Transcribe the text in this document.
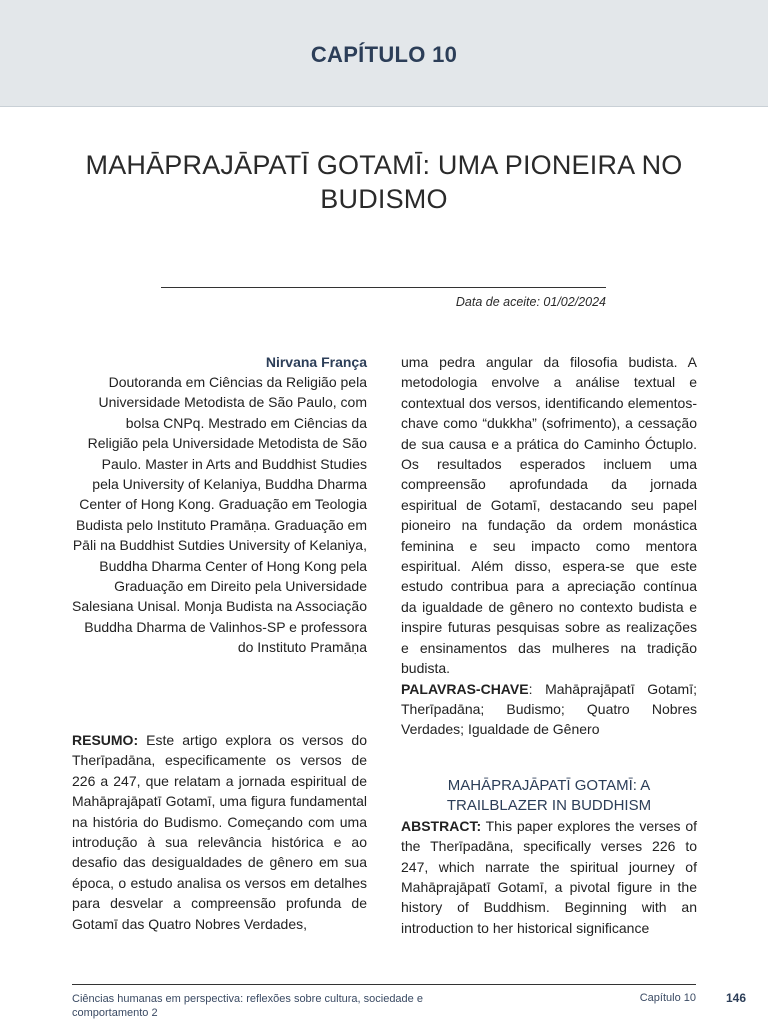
CAPÍTULO 10
MAHĀPRAJĀPATĪ GOTAMĪ: UMA PIONEIRA NO BUDISMO
Data de aceite: 01/02/2024
Nirvana França
Doutoranda em Ciências da Religião pela Universidade Metodista de São Paulo, com bolsa CNPq. Mestrado em Ciências da Religião pela Universidade Metodista de São Paulo. Master in Arts and Buddhist Studies pela University of Kelaniya, Buddha Dharma Center of Hong Kong. Graduação em Teologia Budista pelo Instituto Pramāṇa. Graduação em Pāli na Buddhist Sutdies University of Kelaniya, Buddha Dharma Center of Hong Kong pela Graduação em Direito pela Universidade Salesiana Unisal. Monja Budista na Associação Buddha Dharma de Valinhos-SP e professora do Instituto Pramāṇa

RESUMO: Este artigo explora os versos do Therīpadāna, especificamente os versos de 226 a 247, que relatam a jornada espiritual de Mahāprajāpatī Gotamī, uma figura fundamental na história do Budismo. Começando com uma introdução à sua relevância histórica e ao desafio das desigualdades de gênero em sua época, o estudo analisa os versos em detalhes para desvelar a compreensão profunda de Gotamī das Quatro Nobres Verdades,

uma pedra angular da filosofia budista. A metodologia envolve a análise textual e contextual dos versos, identificando elementos-chave como “dukkha” (sofrimento), a cessação de sua causa e a prática do Caminho Óctuplo. Os resultados esperados incluem uma compreensão aprofundada da jornada espiritual de Gotamī, destacando seu papel pioneiro na fundação da ordem monástica feminina e seu impacto como mentora espiritual. Além disso, espera-se que este estudo contribua para a apreciação contínua da igualdade de gênero no contexto budista e inspire futuras pesquisas sobre as realizações e ensinamentos das mulheres na tradição budista.

PALAVRAS-CHAVE: Mahāprajāpatī Gotamī; Therīpadāna; Budismo; Quatro Nobres Verdades; Igualdade de Gênero

MAHĀPRAJĀPATĪ GOTAMĪ: A TRAILBLAZER IN BUDDHISM

ABSTRACT: This paper explores the verses of the Therīpadāna, specifically verses 226 to 247, which narrate the spiritual journey of Mahāprajāpatī Gotamī, a pivotal figure in the history of Buddhism. Beginning with an introduction to her historical significance

Ciências humanas em perspectiva: reflexões sobre cultura, sociedade e comportamento 2
Capítulo 10	146
